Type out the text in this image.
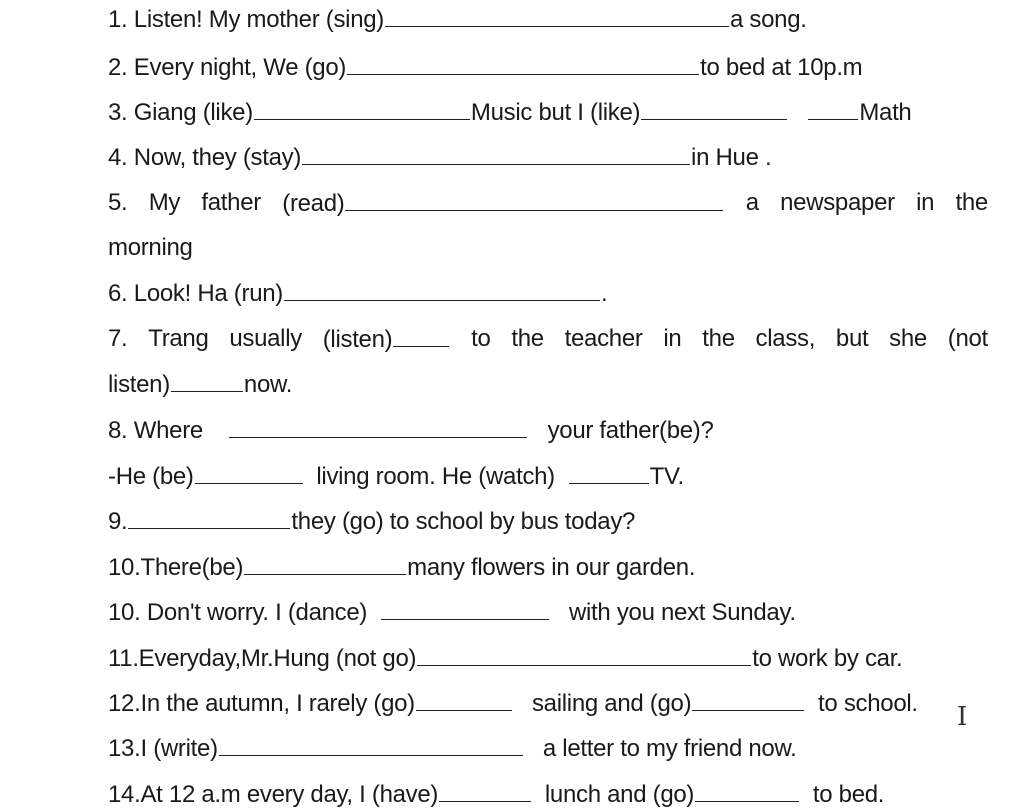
1. Listen! My mother (sing)	a song.
2. Every night, We (go)	to bed at 10p.m
3. Giang (like)	Music but I (like)	Math
4. Now, they (stay)	in Hue .
5. My father (read)	a newspaper in the
morning
6. Look! Ha (run)	.
7. Trang usually (listen)	to the teacher in the class, but she (not
listen)	now.
8. Where	your father(be)?
-He (be)	living room. He (watch)	TV.
9.	they (go) to school by bus today?
10.There(be)	many flowers in our garden.
10. Don't worry. I (dance)	with you next Sunday.
11.Everyday,Mr.Hung (not go)	to work by car.
12.In the autumn, I rarely (go)	sailing and (go)	to school.
13.I (write)	a letter to my friend now.
14.At 12 a.m every day, I (have)	lunch and (go)	to bed.
I
